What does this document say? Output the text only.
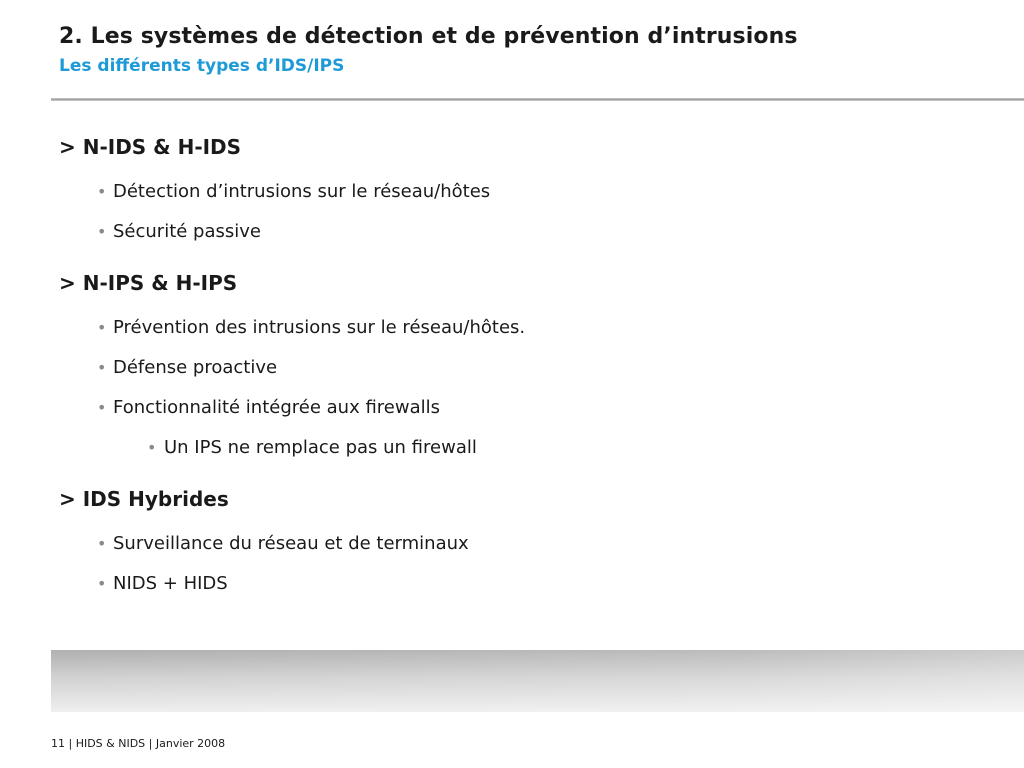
2. Les systèmes de détection et de prévention d’intrusions
Les différents types d’IDS/IPS
> N-IDS & H-IDS
• Détection d’intrusions sur le réseau/hôtes
• Sécurité passive
> N-IPS & H-IPS
• Prévention des intrusions sur le réseau/hôtes.
• Défense proactive
• Fonctionnalité intégrée aux firewalls
• Un IPS ne remplace pas un firewall
> IDS Hybrides
• Surveillance du réseau et de terminaux
• NIDS + HIDS
11 | HIDS & NIDS | Janvier 2008
